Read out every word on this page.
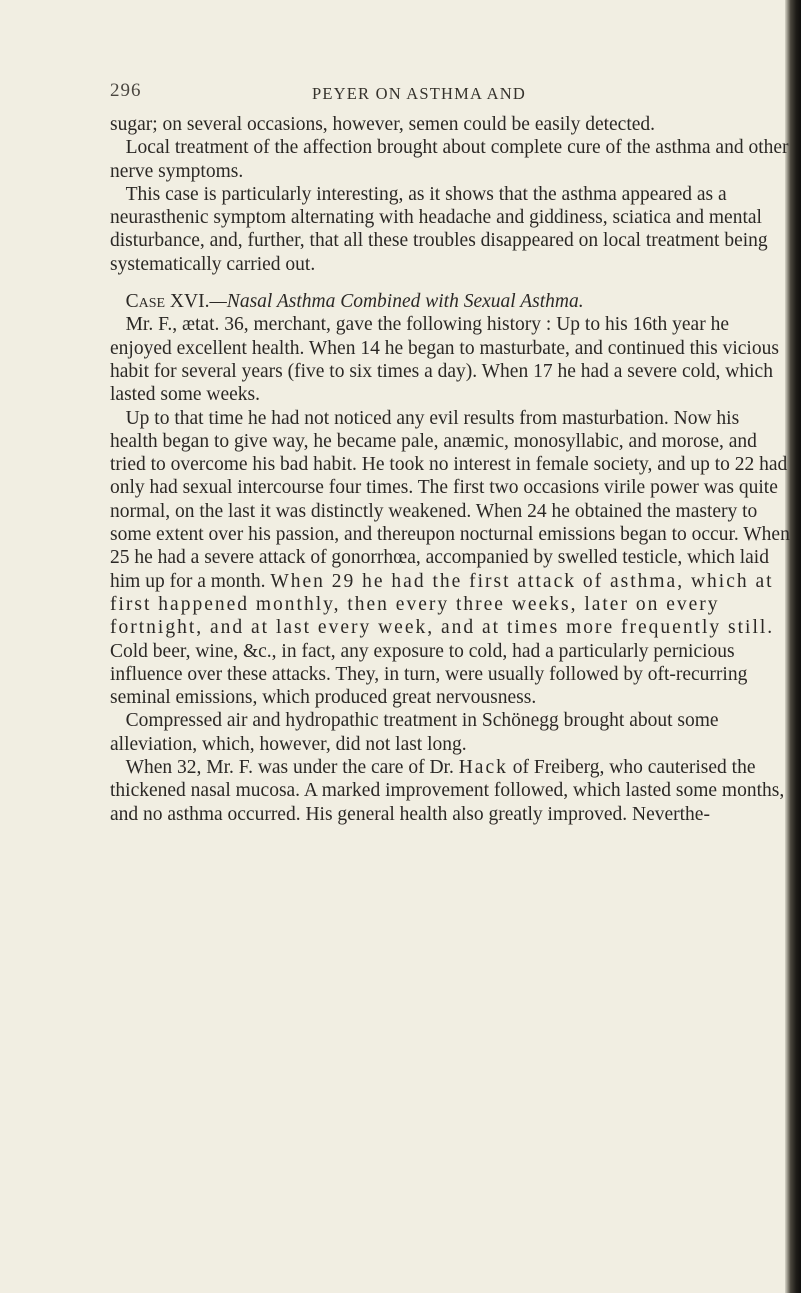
296	PEYER ON ASTHMA AND

sugar; on several occasions, however, semen could be easily detected.

Local treatment of the affection brought about complete cure of the asthma and other nerve symptoms.

This case is particularly interesting, as it shows that the asthma appeared as a neurasthenic symptom alternating with headache and giddiness, sciatica and mental disturbance, and, further, that all these troubles disappeared on local treatment being systematically carried out.

Case XVI.—Nasal Asthma Combined with Sexual Asthma.

Mr. F., ætat. 36, merchant, gave the following history : Up to his 16th year he enjoyed excellent health. When 14 he began to masturbate, and continued this vicious habit for several years (five to six times a day). When 17 he had a severe cold, which lasted some weeks.

Up to that time he had not noticed any evil results from masturbation. Now his health began to give way, he became pale, anæmic, monosyllabic, and morose, and tried to overcome his bad habit. He took no interest in female society, and up to 22 had only had sexual intercourse four times. The first two occasions virile power was quite normal, on the last it was distinctly weakened. When 24 he obtained the mastery to some extent over his passion, and thereupon nocturnal emissions began to occur. When 25 he had a severe attack of gonorrhœa, accompanied by swelled testicle, which laid him up for a month. When 29 he had the first attack of asthma, which at first happened monthly, then every three weeks, later on every fortnight, and at last every week, and at times more frequently still. Cold beer, wine, &c., in fact, any exposure to cold, had a particularly pernicious influence over these attacks. They, in turn, were usually followed by oft-recurring seminal emissions, which produced great nervousness.

Compressed air and hydropathic treatment in Schönegg brought about some alleviation, which, however, did not last long.

When 32, Mr. F. was under the care of Dr. Hack of Freiberg, who cauterised the thickened nasal mucosa. A marked improvement followed, which lasted some months, and no asthma occurred. His general health also greatly improved. Neverthe-
